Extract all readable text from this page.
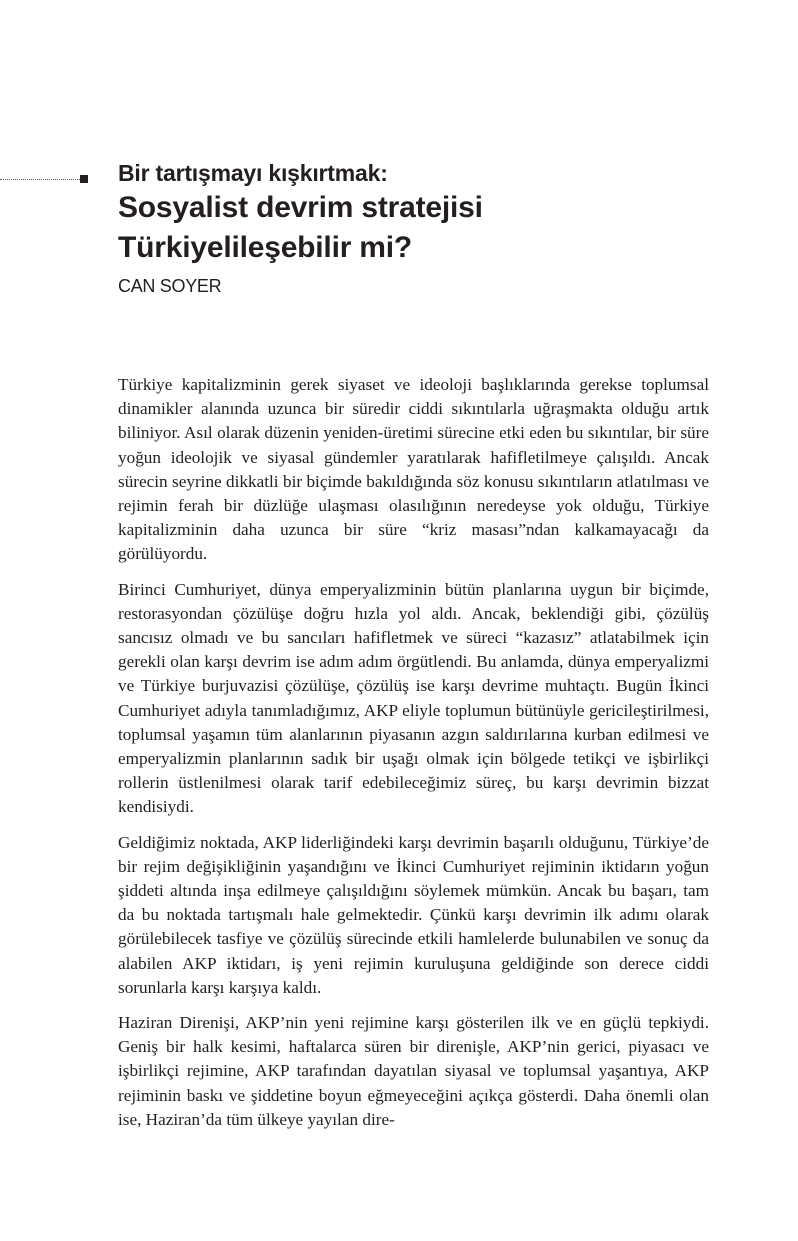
Bir tartışmayı kışkırtmak:
Sosyalist devrim stratejisi
Türkiyelileşebilir mi?
CAN SOYER

Türkiye kapitalizminin gerek siyaset ve ideoloji başlıklarında gerekse toplumsal dinamikler alanında uzunca bir süredir ciddi sıkıntılarla uğraşmakta olduğu artık biliniyor. Asıl olarak düzenin yeniden-üretimi sürecine etki eden bu sıkıntılar, bir süre yoğun ideolojik ve siyasal gündemler yaratılarak hafifletilmeye çalışıldı. Ancak sürecin seyrine dikkatli bir biçimde bakıldığında söz konusu sıkıntıların atlatılması ve rejimin ferah bir düzlüğe ulaşması olasılığının neredeyse yok olduğu, Türkiye kapitalizminin daha uzunca bir süre “kriz masası”ndan kalkamayacağı da görülüyordu.

Birinci Cumhuriyet, dünya emperyalizminin bütün planlarına uygun bir biçimde, restorasyondan çözülüşe doğru hızla yol aldı. Ancak, beklendiği gibi, çözülüş sancısız olmadı ve bu sancıları hafifletmek ve süreci “kazasız” atlatabilmek için gerekli olan karşı devrim ise adım adım örgütlendi. Bu anlamda, dünya emperyalizmi ve Türkiye burjuvazisi çözülüşe, çözülüş ise karşı devrime muhtaçtı. Bugün İkinci Cumhuriyet adıyla tanımladığımız, AKP eliyle toplumun bütünüyle gericileştirilmesi, toplumsal yaşamın tüm alanlarının piyasanın azgın saldırılarına kurban edilmesi ve emperyalizmin planlarının sadık bir uşağı olmak için bölgede tetikçi ve işbirlikçi rollerin üstlenilmesi olarak tarif edebileceğimiz süreç, bu karşı devrimin bizzat kendisiydi.

Geldiğimiz noktada, AKP liderliğindeki karşı devrimin başarılı olduğunu, Türkiye’de bir rejim değişikliğinin yaşandığını ve İkinci Cumhuriyet rejiminin iktidarın yoğun şiddeti altında inşa edilmeye çalışıldığını söylemek mümkün. Ancak bu başarı, tam da bu noktada tartışmalı hale gelmektedir. Çünkü karşı devrimin ilk adımı olarak görülebilecek tasfiye ve çözülüş sürecinde etkili hamlelerde bulunabilen ve sonuç da alabilen AKP iktidarı, iş yeni rejimin kuruluşuna geldiğinde son derece ciddi sorunlarla karşı karşıya kaldı.

Haziran Direnişi, AKP’nin yeni rejimine karşı gösterilen ilk ve en güçlü tepkiydi. Geniş bir halk kesimi, haftalarca süren bir direnişle, AKP’nin gerici, piyasacı ve işbirlikçi rejimine, AKP tarafından dayatılan siyasal ve toplumsal yaşantıya, AKP rejiminin baskı ve şiddetine boyun eğmeyeceğini açıkça gösterdi. Daha önemli olan ise, Haziran’da tüm ülkeye yayılan dire-
